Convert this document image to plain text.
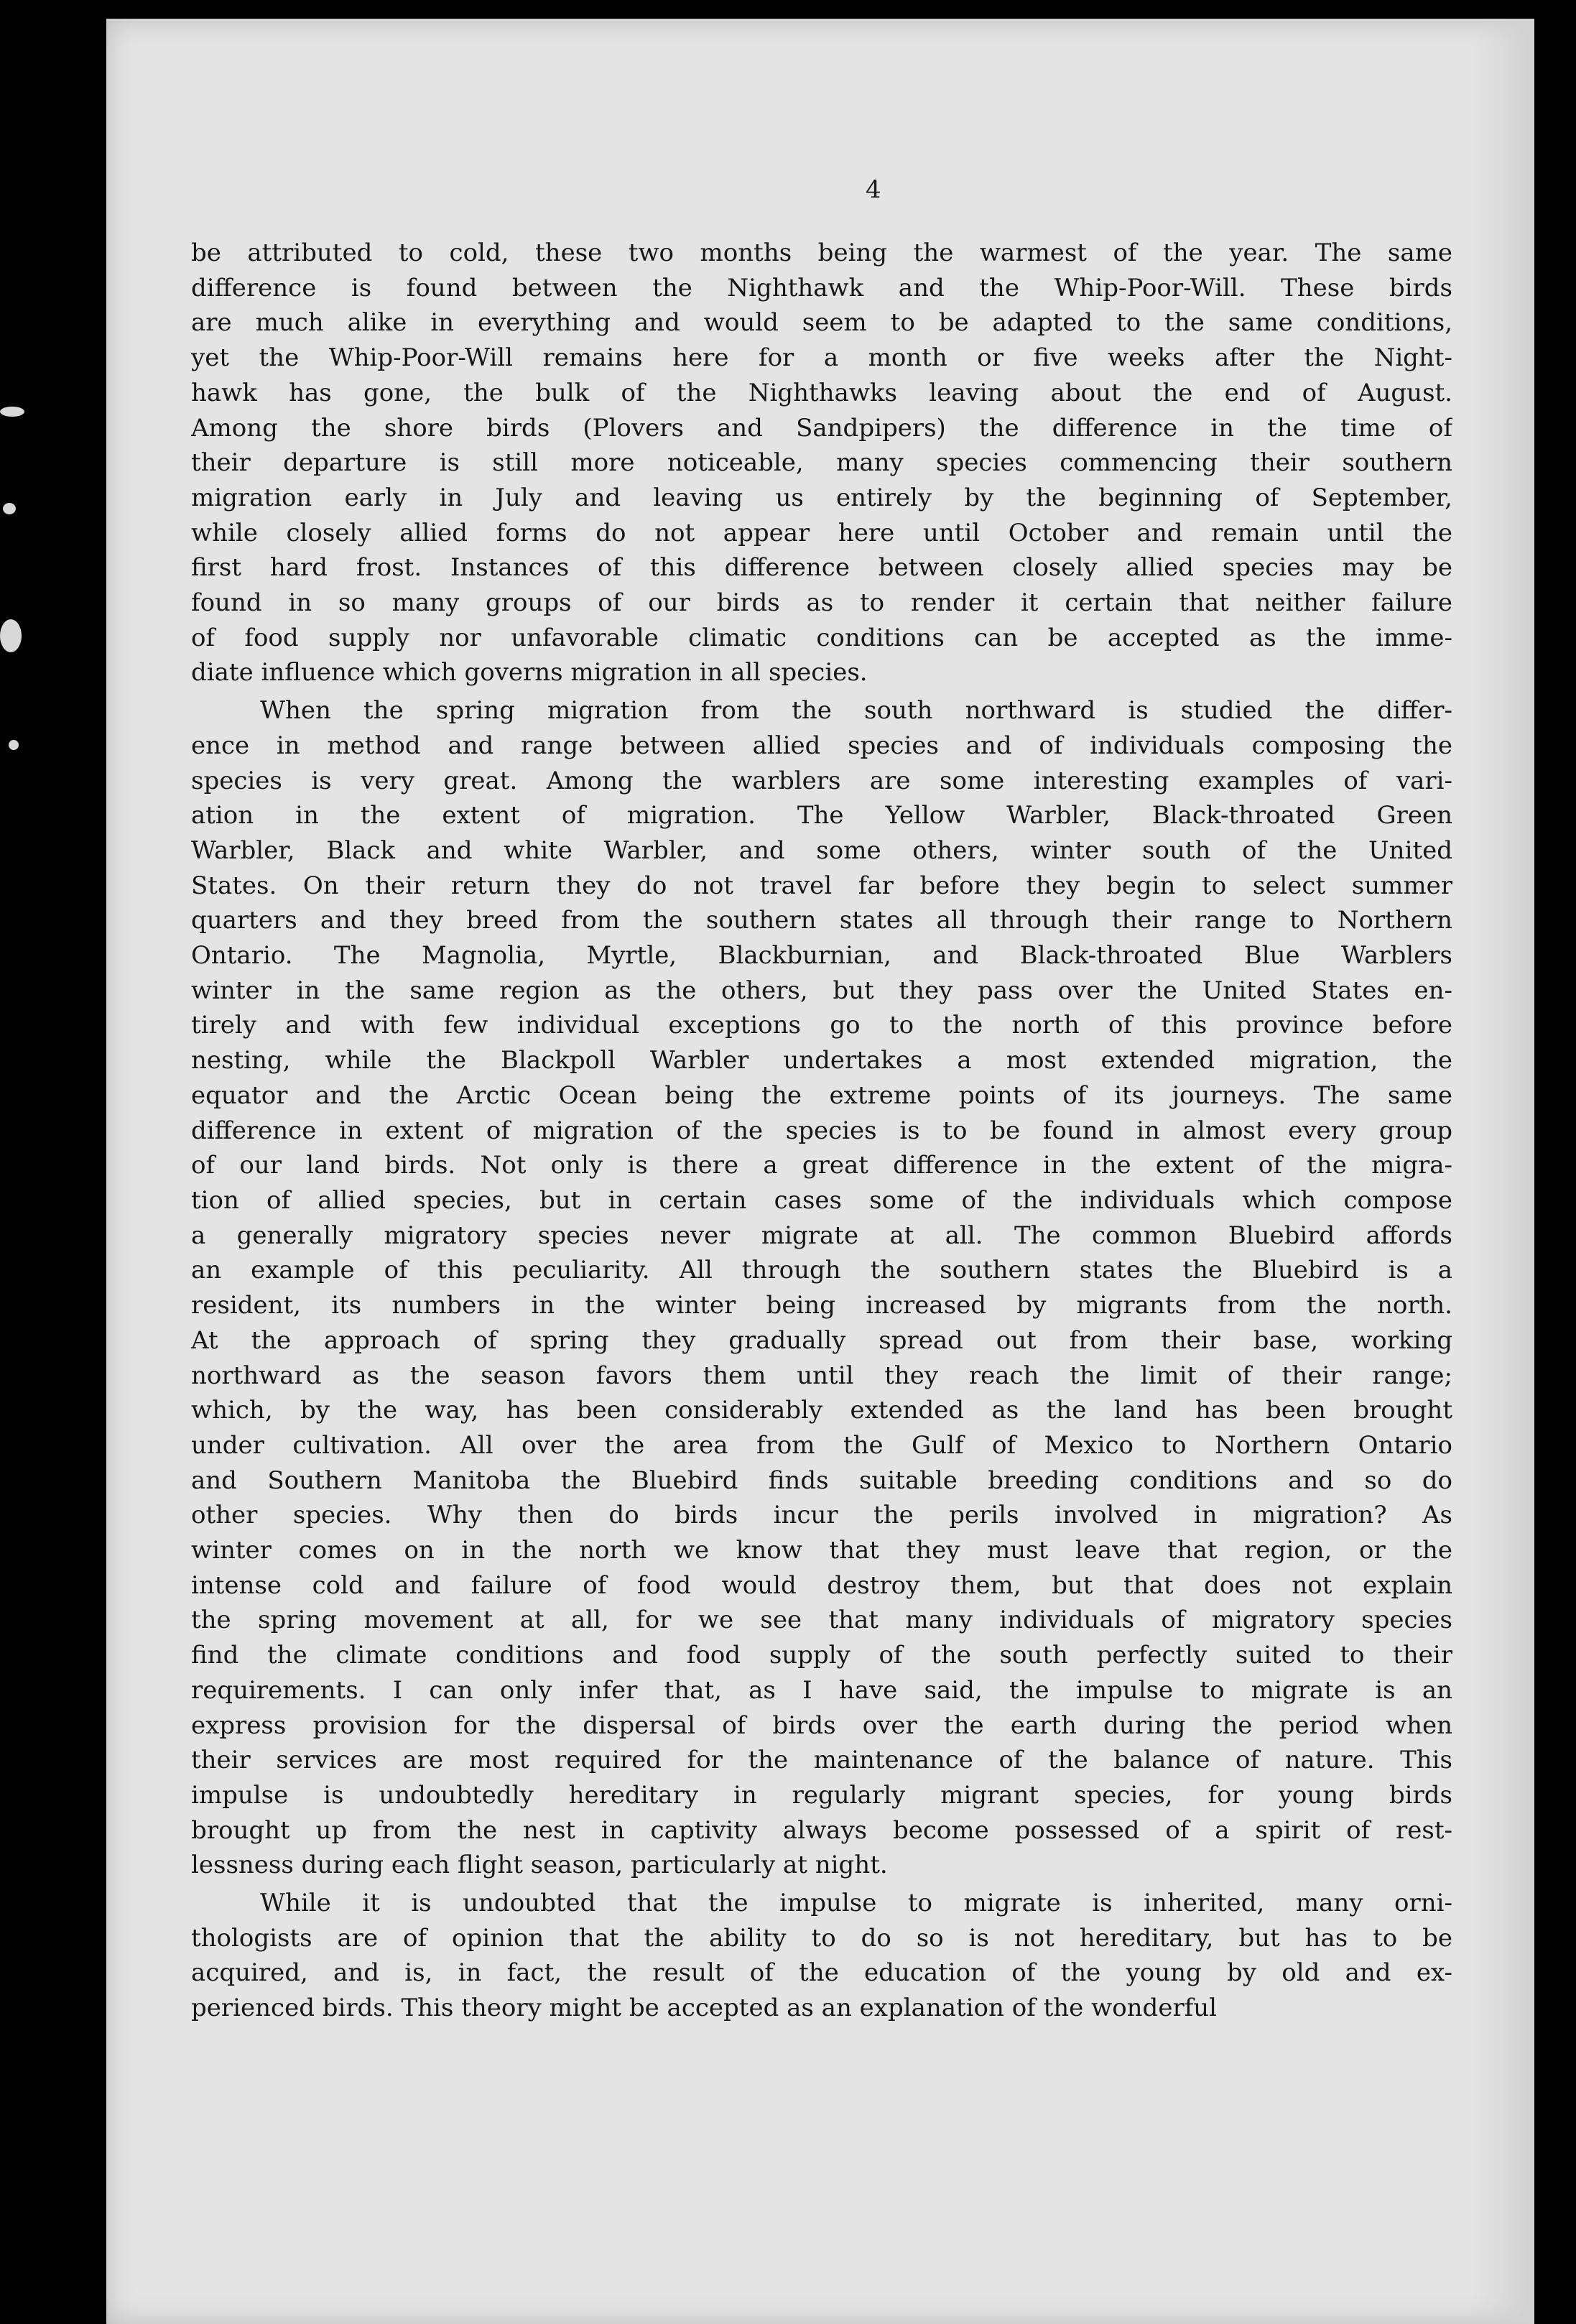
4
be attributed to cold, these two months being the warmest of the year. The same
difference is found between the Nighthawk and the Whip-Poor-Will. These birds
are much alike in everything and would seem to be adapted to the same conditions,
yet the Whip-Poor-Will remains here for a month or five weeks after the Night-
hawk has gone, the bulk of the Nighthawks leaving about the end of August.
Among the shore birds (Plovers and Sandpipers) the difference in the time of
their departure is still more noticeable, many species commencing their southern
migration early in July and leaving us entirely by the beginning of September,
while closely allied forms do not appear here until October and remain until the
first hard frost. Instances of this difference between closely allied species may be
found in so many groups of our birds as to render it certain that neither failure
of food supply nor unfavorable climatic conditions can be accepted as the imme-
diate influence which governs migration in all species.
When the spring migration from the south northward is studied the differ-
ence in method and range between allied species and of individuals composing the
species is very great. Among the warblers are some interesting examples of vari-
ation in the extent of migration. The Yellow Warbler, Black-throated Green
Warbler, Black and white Warbler, and some others, winter south of the United
States. On their return they do not travel far before they begin to select summer
quarters and they breed from the southern states all through their range to Northern
Ontario. The Magnolia, Myrtle, Blackburnian, and Black-throated Blue Warblers
winter in the same region as the others, but they pass over the United States en-
tirely and with few individual exceptions go to the north of this province before
nesting, while the Blackpoll Warbler undertakes a most extended migration, the
equator and the Arctic Ocean being the extreme points of its journeys. The same
difference in extent of migration of the species is to be found in almost every group
of our land birds. Not only is there a great difference in the extent of the migra-
tion of allied species, but in certain cases some of the individuals which compose
a generally migratory species never migrate at all. The common Bluebird affords
an example of this peculiarity. All through the southern states the Bluebird is a
resident, its numbers in the winter being increased by migrants from the north.
At the approach of spring they gradually spread out from their base, working
northward as the season favors them until they reach the limit of their range;
which, by the way, has been considerably extended as the land has been brought
under cultivation. All over the area from the Gulf of Mexico to Northern Ontario
and Southern Manitoba the Bluebird finds suitable breeding conditions and so do
other species. Why then do birds incur the perils involved in migration? As
winter comes on in the north we know that they must leave that region, or the
intense cold and failure of food would destroy them, but that does not explain
the spring movement at all, for we see that many individuals of migratory species
find the climate conditions and food supply of the south perfectly suited to their
requirements. I can only infer that, as I have said, the impulse to migrate is an
express provision for the dispersal of birds over the earth during the period when
their services are most required for the maintenance of the balance of nature. This
impulse is undoubtedly hereditary in regularly migrant species, for young birds
brought up from the nest in captivity always become possessed of a spirit of rest-
lessness during each flight season, particularly at night.
While it is undoubted that the impulse to migrate is inherited, many orni-
thologists are of opinion that the ability to do so is not hereditary, but has to be
acquired, and is, in fact, the result of the education of the young by old and ex-
perienced birds. This theory might be accepted as an explanation of the wonderful
